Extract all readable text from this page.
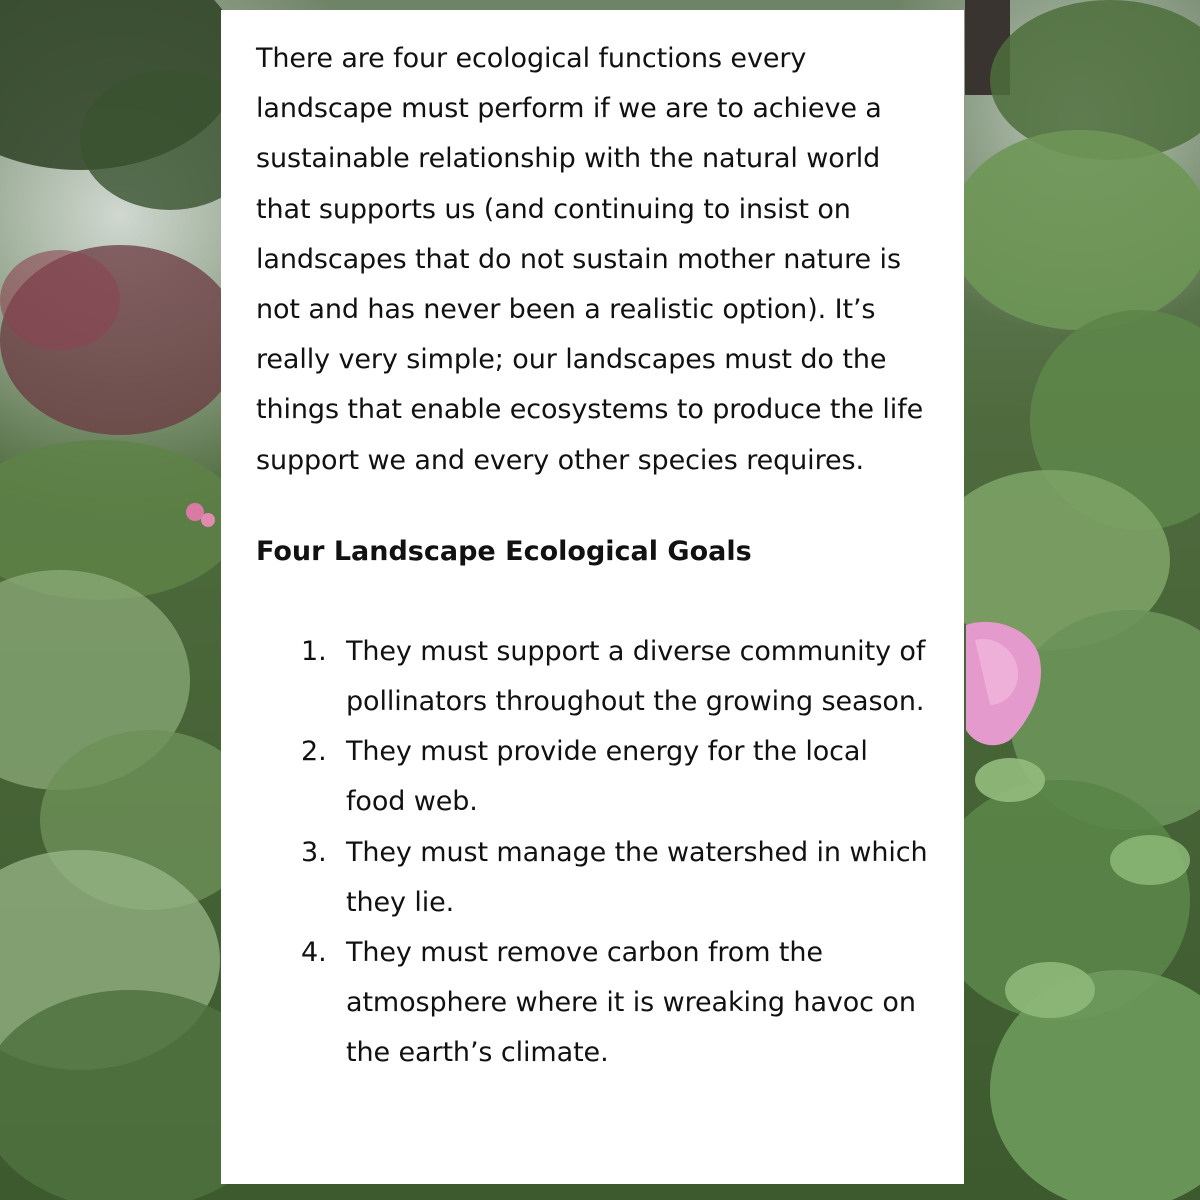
There are four ecological functions every landscape must perform if we are to achieve a sustainable relationship with the natural world that supports us (and continuing to insist on landscapes that do not sustain mother nature is not and has never been a realistic option). It’s really very simple; our landscapes must do the things that enable ecosystems to produce the life support we and every other species requires.

Four Landscape Ecological Goals
1. They must support a diverse community of pollinators throughout the growing season.
2. They must provide energy for the local food web.
3. They must manage the watershed in which they lie.
4. They must remove carbon from the atmosphere where it is wreaking havoc on the earth’s climate.
